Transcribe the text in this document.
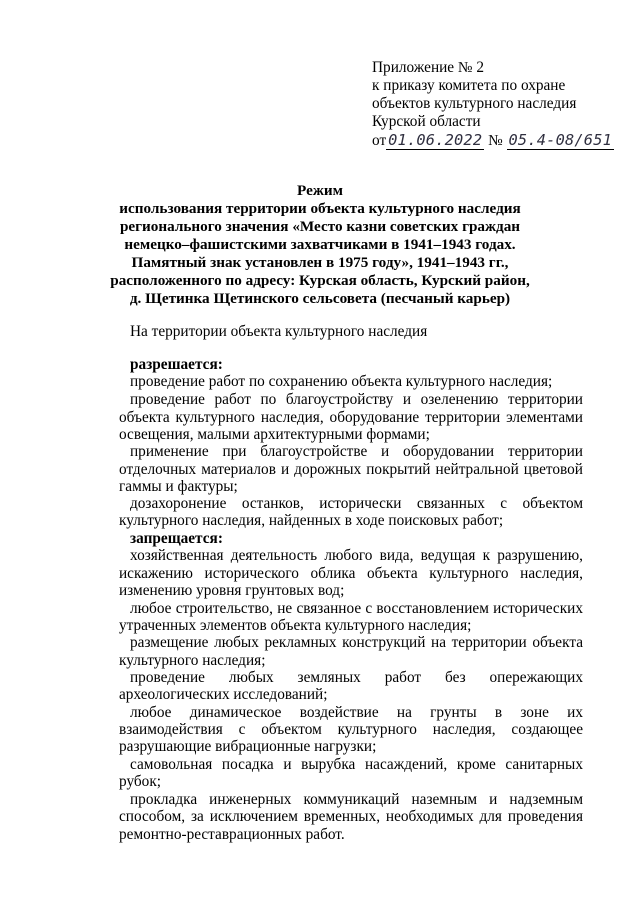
Приложение № 2
к приказу комитета по охране
объектов культурного наследия
Курской области
от 01.06.2022 № 05.4-08/651
Режим
использования территории объекта культурного наследия
регионального значения «Место казни советских граждан
немецко–фашистскими захватчиками в 1941–1943 годах.
Памятный знак установлен в 1975 году», 1941–1943 гг.,
расположенного по адресу: Курская область, Курский район,
д. Щетинка Щетинского сельсовета (песчаный карьер)
На территории объекта культурного наследия
разрешается:
проведение работ по сохранению объекта культурного наследия;
проведение работ по благоустройству и озеленению территории
объекта культурного наследия, оборудование территории элементами
освещения, малыми архитектурными формами;
применение при благоустройстве и оборудовании территории
отделочных материалов и дорожных покрытий нейтральной цветовой
гаммы и фактуры;
дозахоронение останков, исторически связанных с объектом
культурного наследия, найденных в ходе поисковых работ;
запрещается:
хозяйственная деятельность любого вида, ведущая к разрушению,
искажению исторического облика объекта культурного наследия,
изменению уровня грунтовых вод;
любое строительство, не связанное с восстановлением исторических
утраченных элементов объекта культурного наследия;
размещение любых рекламных конструкций на территории объекта
культурного наследия;
проведение любых земляных работ без опережающих
археологических исследований;
любое динамическое воздействие на грунты в зоне их
взаимодействия с объектом культурного наследия, создающее
разрушающие вибрационные нагрузки;
самовольная посадка и вырубка насаждений, кроме санитарных
рубок;
прокладка инженерных коммуникаций наземным и надземным
способом, за исключением временных, необходимых для проведения
ремонтно-реставрационных работ.
